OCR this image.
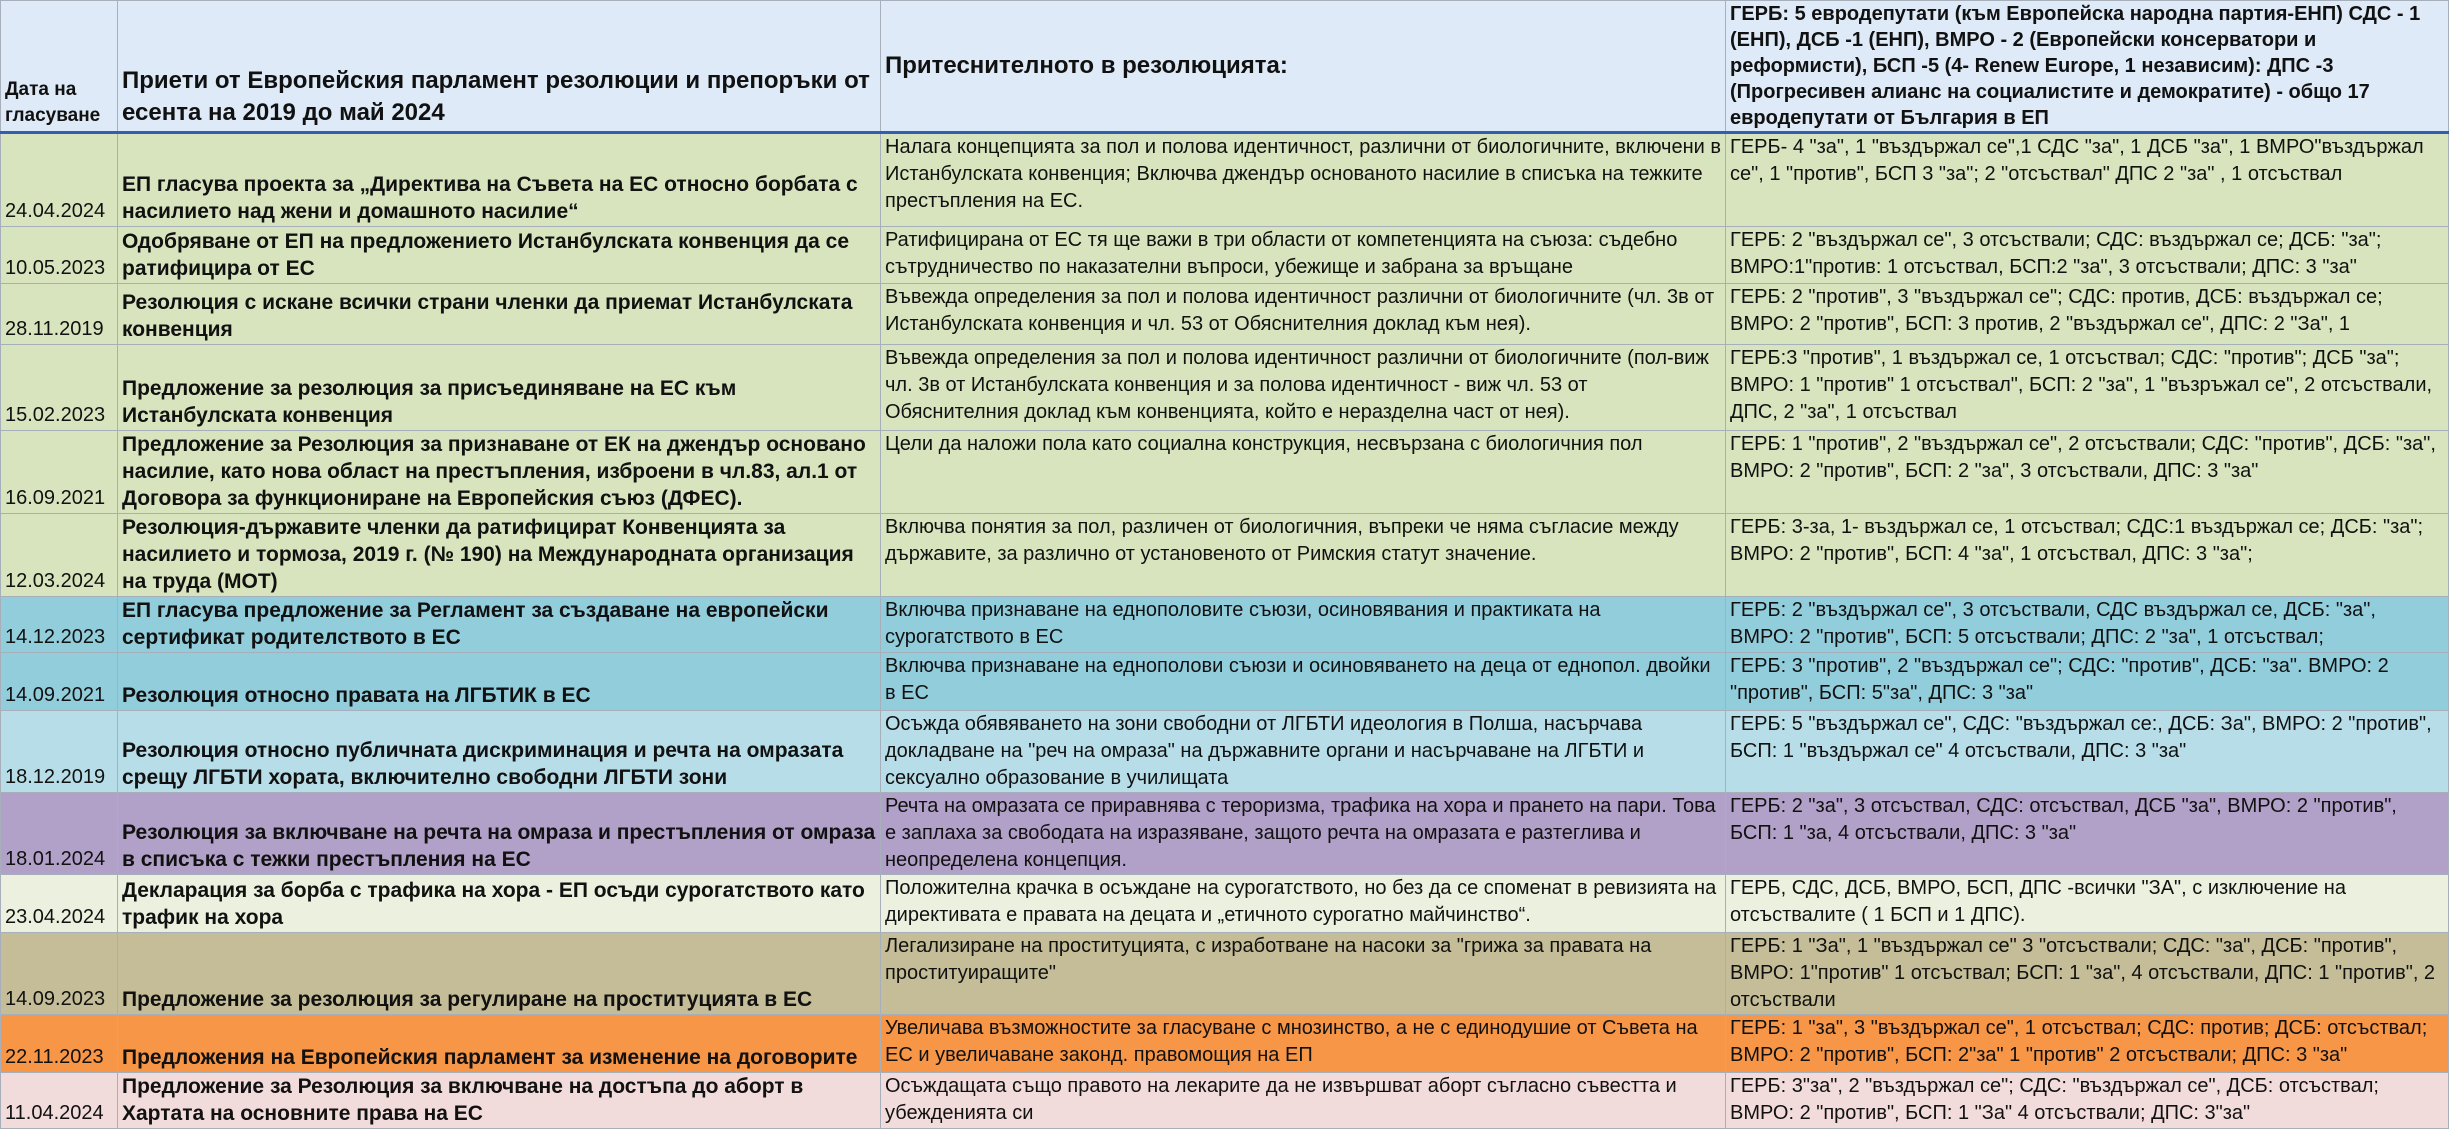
Дата на гласуване	Приети от Европейския парламент резолюции и препоръки от есента на 2019 до май 2024	Притеснителното в резолюцията:	ГЕРБ: 5 евродепутати (към Европейска народна партия-ЕНП) СДС - 1 (ЕНП), ДСБ -1 (ЕНП), ВМРО - 2 (Европейски консерватори и реформисти), БСП -5 (4- Renew Europe, 1 независим): ДПС -3 (Прогресивен алианс на социалистите и демократите) - общо 17 евродепутати от България в ЕП
24.04.2024	ЕП гласува проекта за „Директива на Съвета на ЕС относно борбата с насилието над жени и домашното насилие“	Налага концепцията за пол и полова идентичност, различни от биологичните, включени в Истанбулската конвенция; Включва джендър основаното насилие в списъка на тежките престъпления на ЕС.	ГЕРБ- 4 "за", 1 "въздържал се",1 СДС "за", 1 ДСБ "за", 1 ВМРО"въздържал се", 1 "против", БСП 3 "за"; 2 "отсъствал" ДПС 2 "за" , 1 отсъствал
10.05.2023	Одобряване от ЕП на предложението Истанбулската конвенция да се ратифицира от ЕС	Ратифицирана от ЕС тя ще важи в три области от компетенцията на съюза: съдебно сътрудничество по наказателни въпроси, убежище и забрана за връщане	ГЕРБ: 2 "въздържал се", 3 отсъствали; СДС: въздържал се; ДСБ: "за"; ВМРО:1"против: 1 отсъствал, БСП:2 "за", 3 отсъствали; ДПС: 3 "за"
28.11.2019	Резолюция с искане всички страни членки да приемат Истанбулската конвенция	Въвежда определения за пол и полова идентичност различни от биологичните (чл. 3в от Истанбулската конвенция и чл. 53 от Обяснителния доклад към нея).	ГЕРБ: 2 "против", 3 "въздържал се"; СДС: против, ДСБ: въздържал се; ВМРО: 2 "против", БСП: 3 против, 2 "въздържал се", ДПС: 2 "За", 1
15.02.2023	Предложение за резолюция за присъединяване на ЕС към Истанбулската конвенция	Въвежда определения за пол и полова идентичност различни от биологичните (пол-виж чл. 3в от Истанбулската конвенция и за полова идентичност - виж чл. 53 от Обяснителния доклад към конвенцията, който е неразделна част от нея).	ГЕРБ:3 "против", 1 въздържал се, 1 отсъствал; СДС: "против"; ДСБ "за"; ВМРО: 1 "против" 1 отсъствал", БСП: 2 "за", 1 "възръжал се", 2 отсъствали, ДПС, 2 "за", 1 отсъствал
16.09.2021	Предложение за Резолюция за признаване от ЕК на джендър основано насилие, като нова област на престъпления, изброени в чл.83, ал.1 от Договора за функциониране на Европейския съюз (ДФЕС).	Цели да наложи пола като социална конструкция, несвързана с биологичния пол	ГЕРБ: 1 "против", 2 "въздържал се", 2 отсъствали; СДС: "против", ДСБ: "за", ВМРО: 2 "против", БСП: 2 "за", 3 отсъствали, ДПС: 3 "за"
12.03.2024	Резолюция-държавите членки да ратифицират Конвенцията за насилието и тормоза, 2019 г. (№ 190) на Международната организация на труда (МОТ)	Включва понятия за пол, различен от биологичния, въпреки че няма съгласие между държавите, за различно от установеното от Римския статут значение.	ГЕРБ: 3-за, 1- въздържал се, 1 отсъствал; СДС:1 въздържал се; ДСБ: "за"; ВМРО: 2 "против", БСП: 4 "за", 1 отсъствал, ДПС: 3 "за";
14.12.2023	ЕП гласува предложение за Регламент за създаване на европейски сертификат родителството в ЕС	Включва признаване на еднополовите съюзи, осиновявания и практиката на сурогатството в ЕС	ГЕРБ: 2 "въздържал се", 3 отсъствали, СДС въздържал се, ДСБ: "за", ВМРО: 2 "против", БСП: 5 отсъствали; ДПС: 2 "за", 1 отсъствал;
14.09.2021	Резолюция относно правата на ЛГБТИК в ЕС	Включва признаване на еднополови съюзи и осиновяването на деца от еднопол. двойки в ЕС	ГЕРБ: 3 "против", 2 "въздържал се"; СДС: "против", ДСБ: "за". ВМРО: 2 "против", БСП: 5"за", ДПС: 3 "за"
18.12.2019	Резолюция относно публичната дискриминация и речта на омразата срещу ЛГБТИ хората, включително свободни ЛГБТИ зони	Осъжда обявяването на зони свободни от ЛГБТИ идеология в Полша, насърчава докладване на "реч на омраза" на държавните органи и насърчаване на ЛГБТИ и сексуално образование в училищата	ГЕРБ: 5 "въздържал се", СДС: "въздържал се:, ДСБ: За", ВМРО: 2 "против", БСП: 1 "въздържал се" 4 отсъствали, ДПС: 3 "за"
18.01.2024	Резолюция за включване на речта на омраза и престъпления от омраза в списъка с тежки престъпления на ЕС	Речта на омразата се приравнява с тероризма, трафика на хора и прането на пари. Това е заплаха за свободата на изразяване, защото речта на омразата е разтеглива и неопределена концепция.	ГЕРБ: 2 "за", 3 отсъствал, СДС: отсъствал, ДСБ "за", ВМРО: 2 "против", БСП: 1 "за, 4 отсъствали, ДПС: 3 "за"
23.04.2024	Декларация за борба с трафика на хора - ЕП осъди сурогатството като трафик на хора	Положителна крачка в осъждане на сурогатството, но без да се споменат в ревизията на директивата е правата на децата и „етичното сурогатно майчинство“.	ГЕРБ, СДС, ДСБ, ВМРО, БСП, ДПС -всички "ЗА", с изключение на отсъствалите ( 1 БСП и 1 ДПС).
14.09.2023	Предложение за резолюция за регулиране на проституцията в ЕС	Легализиране на проституцията, с изработване на насоки за "грижа за правата на проституиращите"	ГЕРБ: 1 "За", 1 "въздържал се" 3 "отсъствали; СДС: "за", ДСБ: "против", ВМРО: 1"против" 1 отсъствал; БСП: 1 "за", 4 отсъствали, ДПС: 1 "против", 2 отсъствали
22.11.2023	Предложения на Европейския парламент за изменение на договорите	Увеличава възможностите за гласуване с мнозинство, а не с единодушие от Съвета на ЕС и увеличаване законд. правомощия на ЕП	ГЕРБ: 1 "за", 3 "въздържал се", 1 отсъствал; СДС: против; ДСБ: отсъствал; ВМРО: 2 "против", БСП: 2"за" 1 "против" 2 отсъствали; ДПС: 3 "за"
11.04.2024	Предложение за Резолюция за включване на достъпа до аборт в Хартата на основните права на ЕС	Осъждащата също правото на лекарите да не извършват аборт съгласно съвестта и убежденията си	ГЕРБ: 3"за", 2 "въздържал се"; СДС: "въздържал се", ДСБ: отсъствал; ВМРО: 2 "против", БСП: 1 "За" 4 отсъствали; ДПС: 3"за"
